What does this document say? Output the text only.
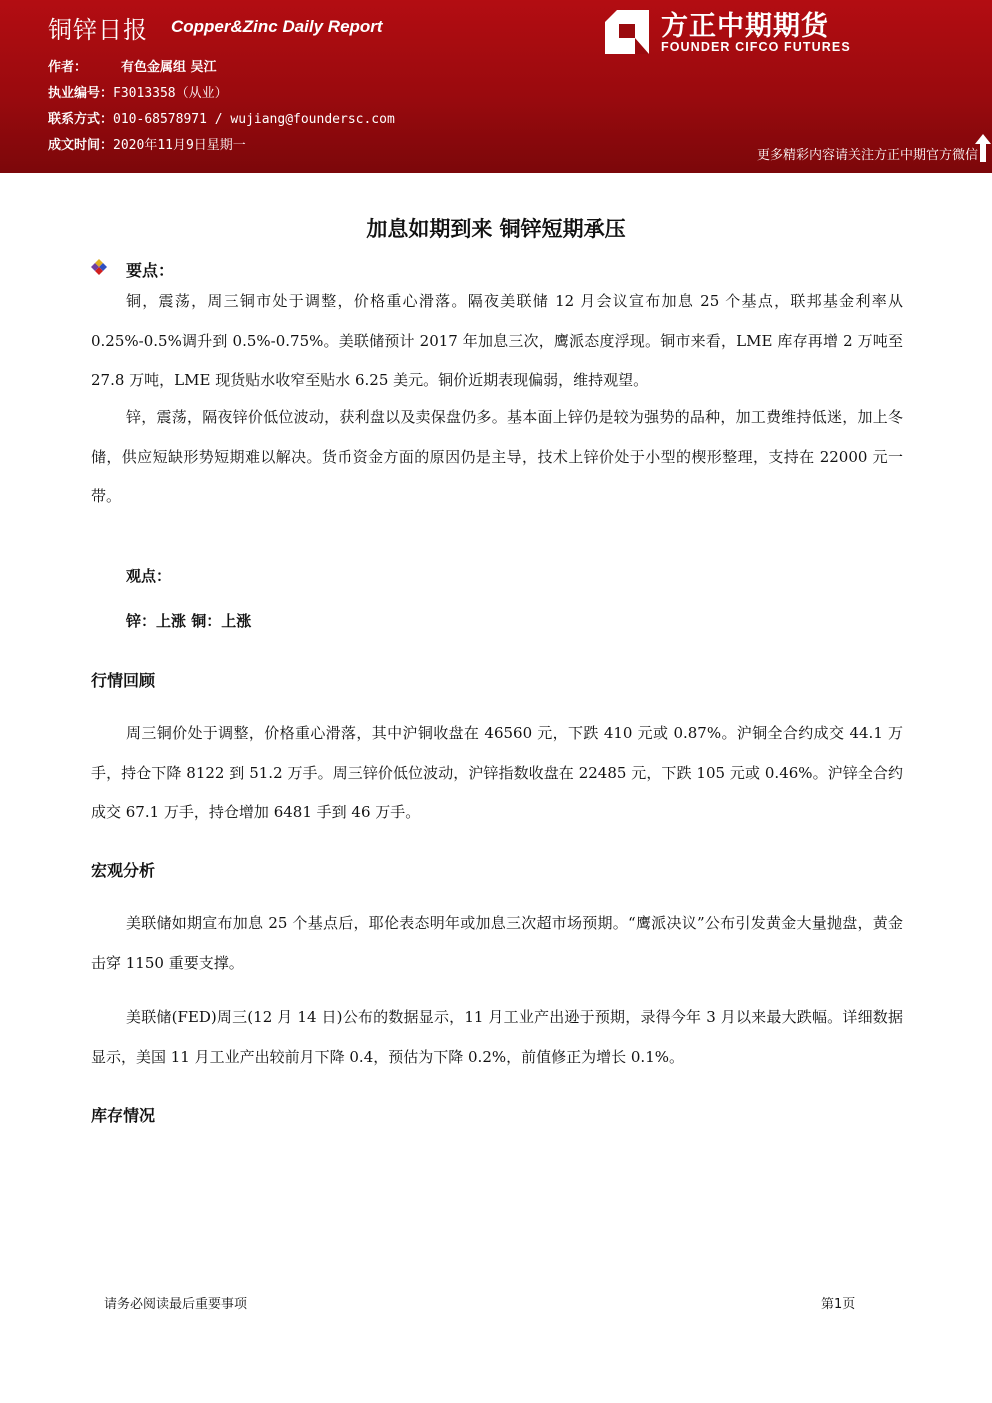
铜锌日报 Copper&Zinc Daily Report
作者：	有色金属组 吴江
执业编号：F3013358（从业）
联系方式：010-68578971 / wujiang@foundersc.com
成文时间：2020年11月9日星期一
方正中期期货
FOUNDER CIFCO FUTURES
更多精彩内容请关注方正中期官方微信
加息如期到来 铜锌短期承压
要点：

铜，震荡，周三铜市处于调整，价格重心滑落。隔夜美联储 12 月会议宣布加息 25 个基点，联邦基金利率从 0.25%-0.5%调升到 0.5%-0.75%。美联储预计 2017 年加息三次，鹰派态度浮现。铜市来看，LME 库存再增 2 万吨至 27.8 万吨，LME 现货贴水收窄至贴水 6.25 美元。铜价近期表现偏弱，维持观望。

锌，震荡，隔夜锌价低位波动，获利盘以及卖保盘仍多。基本面上锌仍是较为强势的品种，加工费维持低迷，加上冬储，供应短缺形势短期难以解决。货币资金方面的原因仍是主导，技术上锌价处于小型的楔形整理，支持在 22000 元一带。

观点：
锌：上涨 铜：上涨
行情回顾

周三铜价处于调整，价格重心滑落，其中沪铜收盘在 46560 元，下跌 410 元或 0.87%。沪铜全合约成交 44.1 万手，持仓下降 8122 到 51.2 万手。周三锌价低位波动，沪锌指数收盘在 22485 元，下跌 105 元或 0.46%。沪锌全合约成交 67.1 万手，持仓增加 6481 手到 46 万手。

宏观分析

美联储如期宣布加息 25 个基点后，耶伦表态明年或加息三次超市场预期。“鹰派决议”公布引发黄金大量抛盘，黄金击穿 1150 重要支撑。

美联储(FED)周三(12 月 14 日)公布的数据显示，11 月工业产出逊于预期，录得今年 3 月以来最大跌幅。详细数据显示，美国 11 月工业产出较前月下降 0.4，预估为下降 0.2%，前值修正为增长 0.1%。

库存情况
请务必阅读最后重要事项	第1页
